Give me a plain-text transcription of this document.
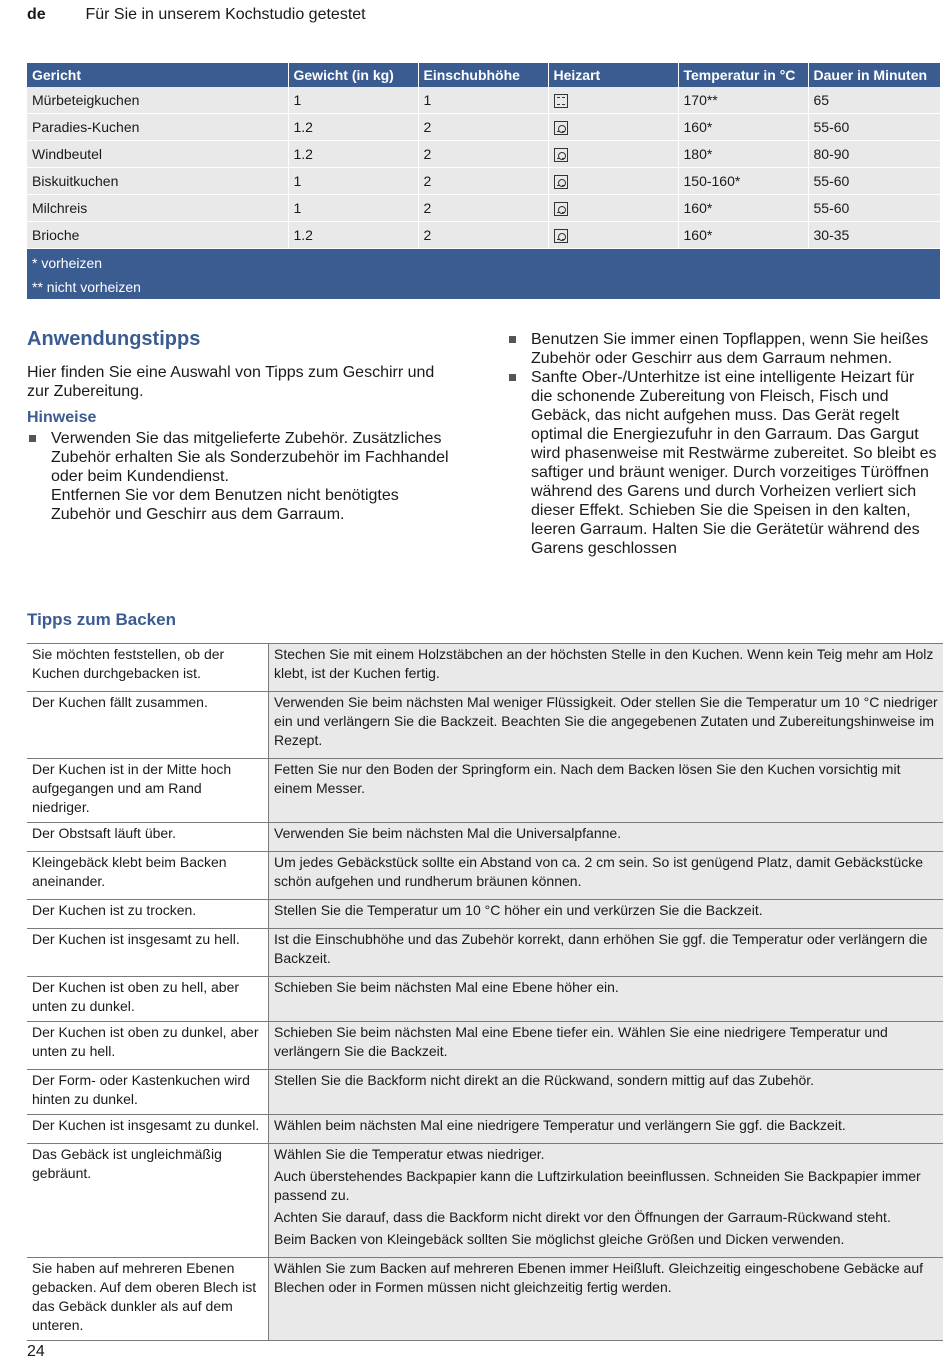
de Für Sie in unserem Kochstudio getestet
Gericht	Gewicht (in kg)	Einschubhöhe	Heizart	Temperatur in °C	Dauer in Minuten
Mürbeteigkuchen	1	1		170**	65
Paradies-Kuchen	1.2	2		160*	55-60
Windbeutel	1.2	2		180*	80-90
Biskuitkuchen	1	2		150-160*	55-60
Milchreis	1	2		160*	55-60
Brioche	1.2	2		160*	30-35

* vorheizen
** nicht vorheizen					
Anwendungstipps

Hier finden Sie eine Auswahl von Tipps zum Geschirr und zur Zubereitung.

Hinweise
Verwenden Sie das mitgelieferte Zubehör. Zusätzliches Zubehör erhalten Sie als Sonderzubehör im Fachhandel oder beim Kundendienst.
Entfernen Sie vor dem Benutzen nicht benötigtes Zubehör und Geschirr aus dem Garraum.
Benutzen Sie immer einen Topflappen, wenn Sie heißes Zubehör oder Geschirr aus dem Garraum nehmen.
Sanfte Ober-/Unterhitze ist eine intelligente Heizart für die schonende Zubereitung von Fleisch, Fisch und Gebäck, das nicht aufgehen muss. Das Gerät regelt optimal die Energiezufuhr in den Garraum. Das Gargut wird phasenweise mit Restwärme zubereitet. So bleibt es saftiger und bräunt weniger. Durch vorzeitiges Türöffnen während des Garens und durch Vorheizen verliert sich dieser Effekt. Schieben Sie die Speisen in den kalten, leeren Garraum. Halten Sie die Gerätetür während des Garens geschlossen
Tipps zum Backen
Sie möchten feststellen, ob der Kuchen durchgebacken ist.	Stechen Sie mit einem Holzstäbchen an der höchsten Stelle in den Kuchen. Wenn kein Teig mehr am Holz klebt, ist der Kuchen fertig.

Der Kuchen fällt zusammen.	Verwenden Sie beim nächsten Mal weniger Flüssigkeit. Oder stellen Sie die Temperatur um 10 °C niedriger ein und verlängern Sie die Backzeit. Beachten Sie die angegebenen Zutaten und Zubereitungshinweise im Rezept.

Der Kuchen ist in der Mitte hoch aufgegangen und am Rand niedriger.	Fetten Sie nur den Boden der Springform ein. Nach dem Backen lösen Sie den Kuchen vorsichtig mit einem Messer.

Der Obstsaft läuft über.	Verwenden Sie beim nächsten Mal die Universalpfanne.

Kleingebäck klebt beim Backen aneinander.	Um jedes Gebäckstück sollte ein Abstand von ca. 2 cm sein. So ist genügend Platz, damit Gebäckstücke schön aufgehen und rundherum bräunen können.

Der Kuchen ist zu trocken.	Stellen Sie die Temperatur um 10 °C höher ein und verkürzen Sie die Backzeit.

Der Kuchen ist insgesamt zu hell.	Ist die Einschubhöhe und das Zubehör korrekt, dann erhöhen Sie ggf. die Temperatur oder verlängern die Backzeit.

Der Kuchen ist oben zu hell, aber unten zu dunkel.	Schieben Sie beim nächsten Mal eine Ebene höher ein.

Der Kuchen ist oben zu dunkel, aber unten zu hell.	Schieben Sie beim nächsten Mal eine Ebene tiefer ein. Wählen Sie eine niedrigere Temperatur und verlängern Sie die Backzeit.

Der Form- oder Kastenkuchen wird hinten zu dunkel.	Stellen Sie die Backform nicht direkt an die Rückwand, sondern mittig auf das Zubehör.

Der Kuchen ist insgesamt zu dunkel.	Wählen beim nächsten Mal eine niedrigere Temperatur und verlängern Sie ggf. die Backzeit.

Das Gebäck ist ungleichmäßig gebräunt.	Wählen Sie die Temperatur etwas niedriger.
Auch überstehendes Backpapier kann die Luftzirkulation beeinflussen. Schneiden Sie Backpapier immer passend zu.
Achten Sie darauf, dass die Backform nicht direkt vor den Öffnungen der Garraum-Rückwand steht.
Beim Backen von Kleingebäck sollten Sie möglichst gleiche Größen und Dicken verwenden.

Sie haben auf mehreren Ebenen gebacken. Auf dem oberen Blech ist das Gebäck dunkler als auf dem unteren.	Wählen Sie zum Backen auf mehreren Ebenen immer Heißluft. Gleichzeitig eingeschobene Gebäcke auf Blechen oder in Formen müssen nicht gleichzeitig fertig werden.
24
